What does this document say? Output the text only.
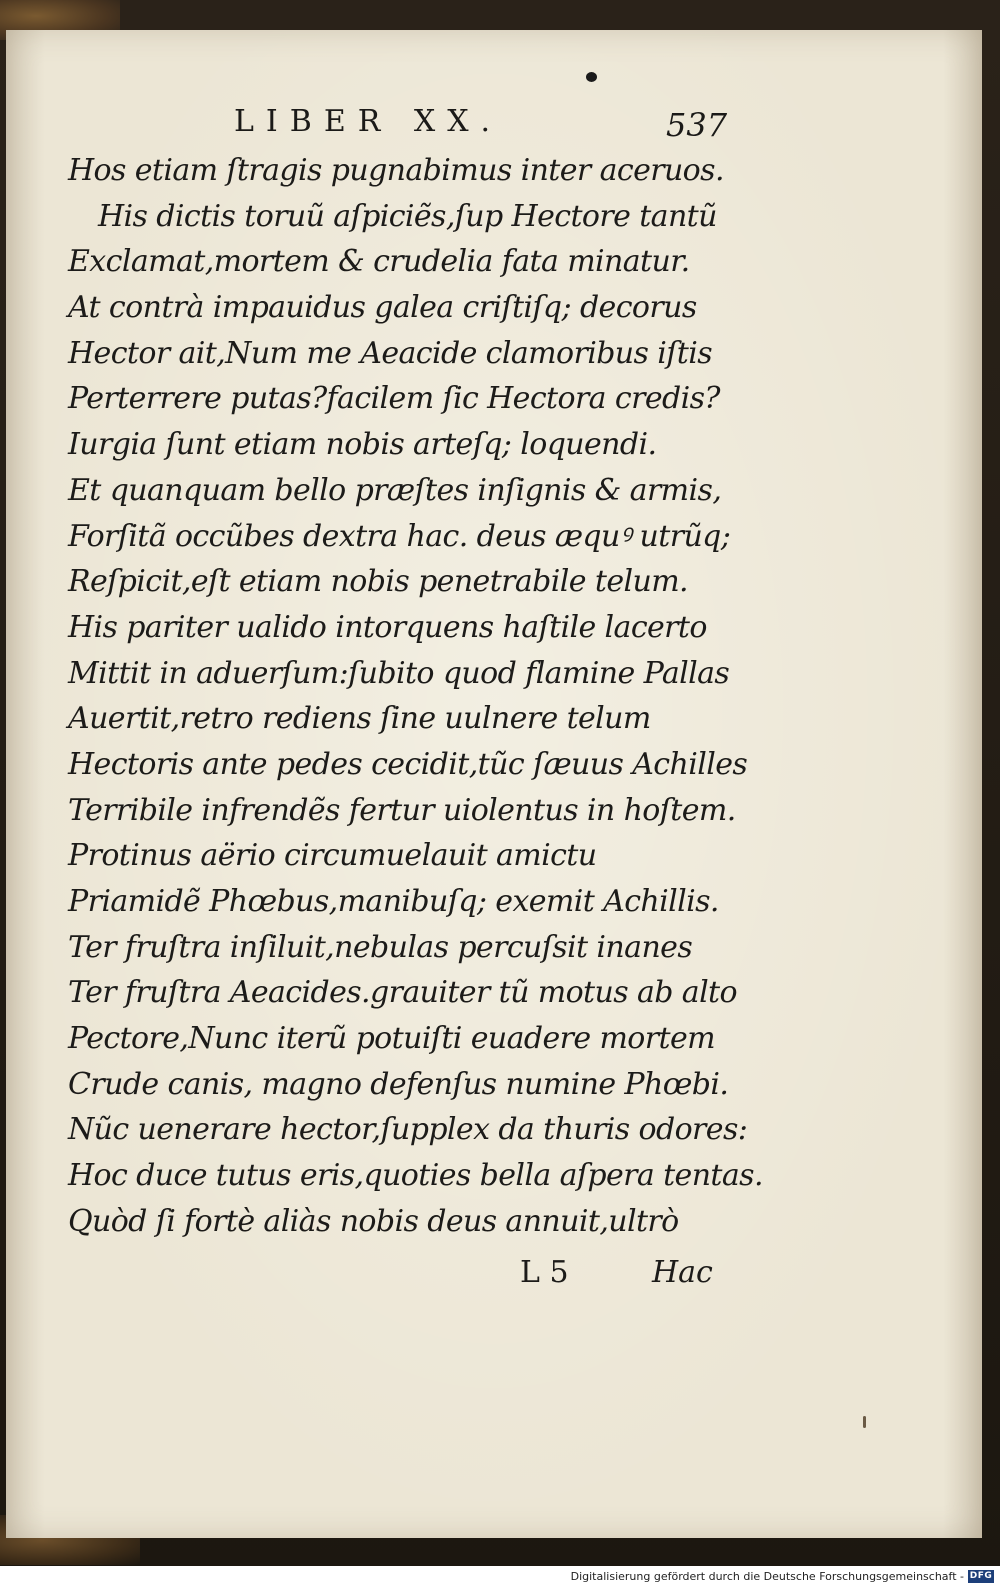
LIBER XX.	537
Hos etiam ſtragis pugnabimus inter aceruos.
His dictis toruũ aſpiciẽs,ſup Hectore tantũ
Exclamat,mortem & crudelia fata minatur.
At contrà impauidus galea criſtiſq; decorus
Hector ait,Num me Aeacide clamoribus iſtis
Perterrere putas?facilem ſic Hectora credis?
Iurgia ſunt etiam nobis arteſq; loquendi.
Et quanquam bello præſtes inſignis & armis,
Forſitã occũbes dextra hac. deus æquꝰ utrũq;
Reſpicit,eſt etiam nobis penetrabile telum.
His pariter ualido intorquens haſtile lacerto
Mittit in aduerſum:ſubito quod flamine Pallas
Auertit,retro rediens ſine uulnere telum
Hectoris ante pedes cecidit,tũc ſæuus Achilles
Terribile infrendẽs fertur uiolentus in hoſtem.
Protinus aërio circumuelauit amictu
Priamidẽ Phœbus,manibuſq; exemit Achillis.
Ter fruſtra inſiluit,nebulas percuſsit inanes
Ter fruſtra Aeacides.grauiter tũ motus ab alto
Pectore,Nunc iterũ potuiſti euadere mortem
Crude canis, magno defenſus numine Phœbi.
Nũc uenerare hector,ſupplex da thuris odores:
Hoc duce tutus eris,quoties bella aſpera tentas.
Quòd ſi fortè aliàs nobis deus annuit,ultrò
L 5	Hac
Digitalisierung gefördert durch die Deutsche Forschungsgemeinschaft - DFG
